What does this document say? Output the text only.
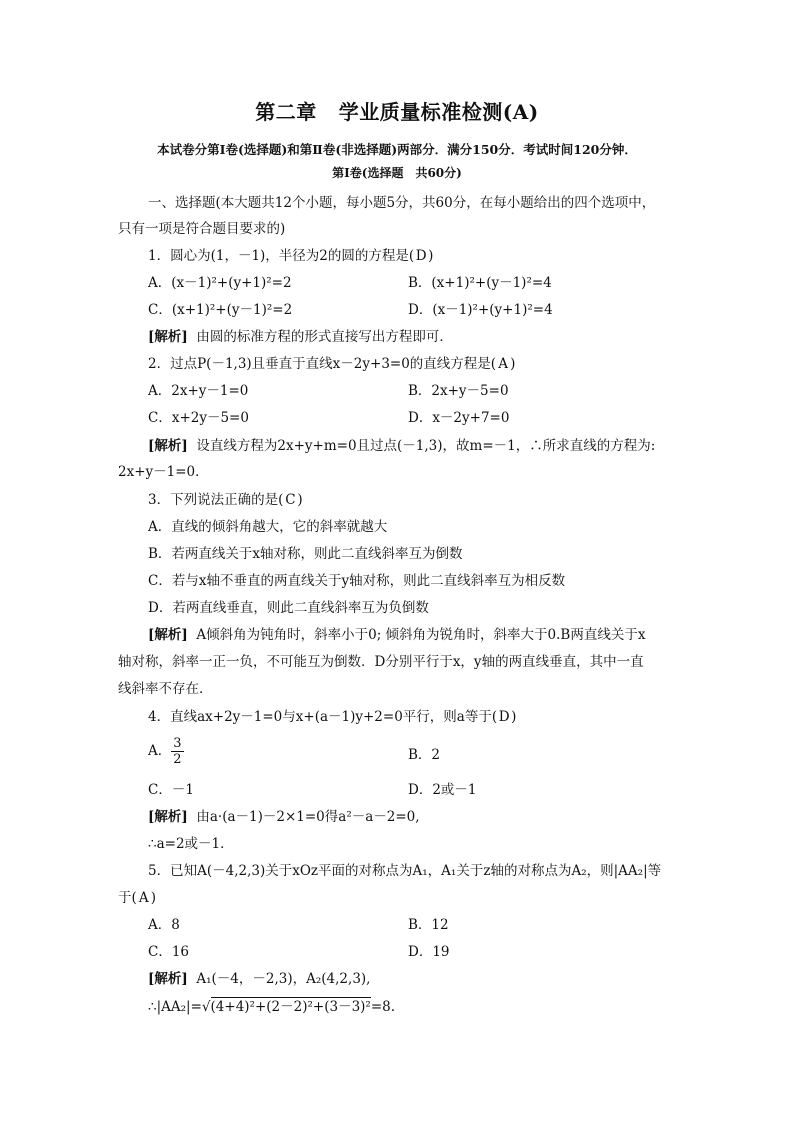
第二章 学业质量标准检测(A)
本试卷分第Ⅰ卷(选择题)和第Ⅱ卷(非选择题)两部分．满分150分．考试时间120分钟．
第Ⅰ卷(选择题　共60分)
一、选择题(本大题共12个小题，每小题5分，共60分，在每小题给出的四个选项中，
只有一项是符合题目要求的)
1．圆心为(1，－1)，半径为2的圆的方程是( D )
A．(x－1)²+(y+1)²=2	B．(x+1)²+(y－1)²=4
C．(x+1)²+(y－1)²=2	D．(x－1)²+(y+1)²=4
[解析] 由圆的标准方程的形式直接写出方程即可．
2．过点P(－1,3)且垂直于直线x－2y+3=0的直线方程是( A )
A．2x+y－1=0	B．2x+y－5=0
C．x+2y－5=0	D．x－2y+7=0
[解析] 设直线方程为2x+y+m=0且过点(－1,3)，故m=－1，∴所求直线的方程为:
2x+y－1=0．
3．下列说法正确的是( C )
A．直线的倾斜角越大，它的斜率就越大
B．若两直线关于x轴对称，则此二直线斜率互为倒数
C．若与x轴不垂直的两直线关于y轴对称，则此二直线斜率互为相反数
D．若两直线垂直，则此二直线斜率互为负倒数
[解析] A倾斜角为钝角时，斜率小于0; 倾斜角为锐角时，斜率大于0.B两直线关于x
轴对称，斜率一正一负，不可能互为倒数．D分别平行于x，y轴的两直线垂直，其中一直
线斜率不存在．
4．直线ax+2y－1=0与x+(a－1)y+2=0平行，则a等于( D )
A． $\frac{3}{2}$	B．2
C．－1	D．2或－1
[解析] 由a·(a－1)－2×1=0得a²－a－2=0,
∴a=2或－1．
5．已知A(－4,2,3)关于xOz平面的对称点为A₁，A₁关于z轴的对称点为A₂，则|AA₂|等
于( A )
A．8	B．12
C．16	D．19
[解析] A₁(－4，－2,3)，A₂(4,2,3),
∴|AA₂|=√(4+4)²+(2－2)²+(3－3)²=8.
